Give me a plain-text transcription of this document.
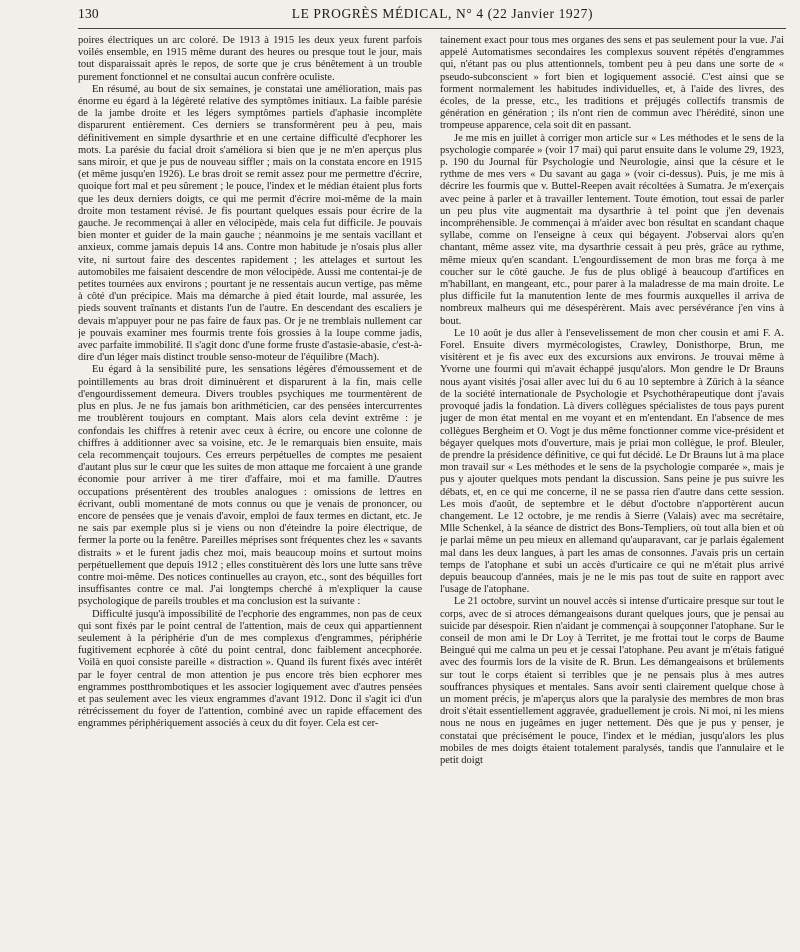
130	LE PROGRÈS MÉDICAL, N° 4 (22 Janvier 1927)

poires électriques un arc coloré. De 1913 à 1915 les deux yeux furent parfois voilés ensemble, en 1915 même durant des heures ou presque tout le jour, mais tout disparaissait après le repos, de sorte que je crus bénêtement à un trouble purement fonctionnel et ne consultai aucun confrère oculiste.

En résumé, au bout de six semaines, je constatai une amélioration, mais pas énorme eu égard à la légèreté relative des symptômes initiaux. La faible parésie de la jambe droite et les légers symptômes partiels d'aphasie incomplète disparurent entièrement. Ces derniers se transformèrent peu à peu, mais définitivement en simple dysarthrie et en une certaine difficulté d'ecphorer les mots. La parésie du facial droit s'améliora si bien que je ne m'en aperçus plus sans miroir, et que je pus de nouveau siffler ; mais on la constata encore en 1915 (et même jusqu'en 1926). Le bras droit se remit assez pour me permettre d'écrire, quoique fort mal et peu sûrement ; le pouce, l'index et le médian étaient plus forts que les deux derniers doigts, ce qui me permit d'écrire moi-même de la main droite mon testament révisé. Je fis pourtant quelques essais pour écrire de la gauche. Je recommençai à aller en vélocipède, mais cela fut difficile. Je pouvais bien monter et guider de la main gauche ; néanmoins je me sentais vacillant et anxieux, comme jamais depuis 14 ans. Contre mon habitude je n'osais plus aller vite, ni surtout faire des descentes rapidement ; les attelages et surtout les automobiles me faisaient descendre de mon vélocipède. Aussi me contentai-je de petites tournées aux environs ; pourtant je ne ressentais aucun vertige, pas même à côté d'un précipice. Mais ma démarche à pied était lourde, mal assurée, les pieds souvent traînants et distants l'un de l'autre. En descendant des escaliers je devais m'appuyer pour ne pas faire de faux pas. Or je ne tremblais nullement car je pouvais examiner mes fourmis trente fois grossies à la loupe comme jadis, avec parfaite immobilité. Il s'agit donc d'une forme fruste d'astasie-abasie, c'est-à-dire d'un léger mais distinct trouble senso-moteur de l'équilibre (Mach).

Eu égard à la sensibilité pure, les sensations légères d'émoussement et de pointillements au bras droit diminuèrent et disparurent à la fin, mais celle d'engourdissement demeura. Divers troubles psychiques me tourmentèrent de plus en plus. Je ne fus jamais bon arithméticien, car des pensées intercurrentes me troublèrent toujours en comptant. Mais alors cela devint extrême : je confondais les chiffres à retenir avec ceux à écrire, ou encore une colonne de chiffres à additionner avec sa voisine, etc. Je le remarquais bien ensuite, mais cela recommençait toujours. Ces erreurs perpétuelles de comptes me pesaient d'autant plus sur le cœur que les suites de mon attaque me forcaient à une grande économie pour arriver à me tirer d'affaire, moi et ma famille. D'autres occupations présentèrent des troubles analogues : omissions de lettres en écrivant, oubli momentané de mots connus ou que je venais de prononcer, ou encore de pensées que je venais d'avoir, emploi de faux termes en dictant, etc. Je ne sais par exemple plus si je viens ou non d'éteindre la poire électrique, de fermer la porte ou la fenêtre. Pareilles méprises sont fréquentes chez les « savants distraits » et le furent jadis chez moi, mais beaucoup moins et surtout moins perpétuellement que depuis 1912 ; elles constituèrent dès lors une lutte sans trêve contre moi-même. Des notices continuelles au crayon, etc., sont des béquilles fort insuffisantes contre ce mal. J'ai longtemps cherché à m'expliquer la cause psychologique de pareils troubles et ma conclusion est la suivante :

Difficulté jusqu'à impossibilité de l'ecphorie des engrammes, non pas de ceux qui sont fixés par le point central de l'attention, mais de ceux qui appartiennent seulement à la périphérie d'un de mes complexus d'engrammes, périphérie fugitivement ecphorée à côté du point central, donc faiblement ancecphorée. Voilà en quoi consiste pareille « distraction ». Quand ils furent fixés avec intérêt par le foyer central de mon attention je pus encore très bien ecphorer mes engrammes postthrombotiques et les associer logiquement avec d'autres pensées et pas seulement avec les vieux engrammes d'avant 1912. Donc il s'agit ici d'un rétrécissement du foyer de l'attention, combiné avec un rapide effacement des engrammes périphériquement associés à ceux du dit foyer. Cela est cer-

tainement exact pour tous mes organes des sens et pas seulement pour la vue. J'ai appelé Automatismes secondaires les complexus souvent répétés d'engrammes qui, n'étant pas ou plus attentionnels, tombent peu à peu dans une sorte de « pseudo-subconscient » fort bien et logiquement associé. C'est ainsi que se forment normalement les habitudes individuelles, et, à l'aide des livres, des écoles, de la presse, etc., les traditions et préjugés collectifs transmis de génération en génération ; ils n'ont rien de commun avec l'hérédité, sinon une trompeuse apparence, cela soit dit en passant.

Je me mis en juillet à corriger mon article sur « Les méthodes et le sens de la psychologie comparée » (voir 17 mai) qui parut ensuite dans le volume 29, 1923, p. 190 du Journal für Psychologie und Neurologie, ainsi que la césure et le rythme de mes vers « Du savant au gaga » (voir ci-dessus). Puis, je me mis à décrire les fourmis que v. Buttel-Reepen avait récoltées à Sumatra. Je m'exerçais avec peine à parler et à travailler lentement. Toute émotion, tout essai de parler un peu plus vite augmentait ma dysarthrie à tel point que j'en devenais incompréhensible. Je commençai à m'aider avec bon résultat en scandant chaque syllabe, comme on l'enseigne à ceux qui bégayent. J'observai alors qu'en chantant, même assez vite, ma dysarthrie cessait à peu près, grâce au rythme, même mieux qu'en scandant. L'engourdissement de mon bras me força à me coucher sur le côté gauche. Je fus de plus obligé à beaucoup d'artifices en m'habillant, en mangeant, etc., pour parer à la maladresse de ma main droite. Le plus difficile fut la manutention lente de mes fourmis auxquelles il arriva de nombreux malheurs qui me désespérèrent. Mais avec persévérance j'en vins à bout.

Le 10 août je dus aller à l'ensevelissement de mon cher cousin et ami F. A. Forel. Ensuite divers myrmécologistes, Crawley, Donisthorpe, Brun, me visitèrent et je fis avec eux des excursions aux environs. Je trouvai même à Yvorne une fourmi qui m'avait échappé jusqu'alors. Mon gendre le Dr Brauns nous ayant visités j'osai aller avec lui du 6 au 10 septembre à Zürich à la séance de la société internationale de Psychologie et Psychothérapeutique dont j'avais provoqué jadis la fondation. Là divers collègues spécialistes de tous pays purent juger de mon état mental en me voyant et en m'entendant. En l'absence de mes collègues Bergheim et O. Vogt je dus même fonctionner comme vice-président et bégayer quelques mots d'ouverture, mais je priai mon collègue, le prof. Bleuler, de prendre la présidence définitive, ce qui fut décidé. Le Dr Brauns lut à ma place mon travail sur « Les méthodes et le sens de la psychologie comparée », mais je pus y ajouter quelques mots pendant la discussion. Sans peine je pus suivre les débats, et, en ce qui me concerne, il ne se passa rien d'autre dans cette session. Les mois d'août, de septembre et le début d'octobre n'apportèrent aucun changement. Le 12 octobre, je me rendis à Sierre (Valais) avec ma secrétaire, Mlle Schenkel, à la séance de district des Bons-Templiers, où tout alla bien et où je parlai même un peu mieux en allemand qu'auparavant, car je parlais également mal dans les deux langues, à part les amas de consonnes. J'avais pris un certain temps de l'atophane et subi un accès d'urticaire ce qui ne m'était plus arrivé depuis beaucoup d'années, mais je ne le mis pas tout de suite en rapport avec l'usage de l'atophane.

Le 21 octobre, survint un nouvel accès si intense d'urticaire presque sur tout le corps, avec de si atroces démangeaisons durant quelques jours, que je pensai au suicide par désespoir. Rien n'aidant je commençai à soupçonner l'atophane. Sur le conseil de mon ami le Dr Loy à Territet, je me frottai tout le corps de Baume Beingué qui me calma un peu et je cessai l'atophane. Peu avant je m'étais fatigué avec des fourmis lors de la visite de R. Brun. Les démangeaisons et brûlements sur tout le corps étaient si terribles que je ne pensais plus à mes autres souffrances physiques et mentales. Sans avoir senti clairement quelque chose à un moment précis, je m'aperçus alors que la paralysie des membres de mon bras droit s'était essentiellement aggravée, graduellement je crois. Ni moi, ni les miens nous ne nous en jugeâmes en juger nettement. Dès que je pus y penser, je constatai que précisément le pouce, l'index et le médian, jusqu'alors les plus mobiles de mes doigts étaient totalement paralysés, tandis que l'annulaire et le petit doigt
